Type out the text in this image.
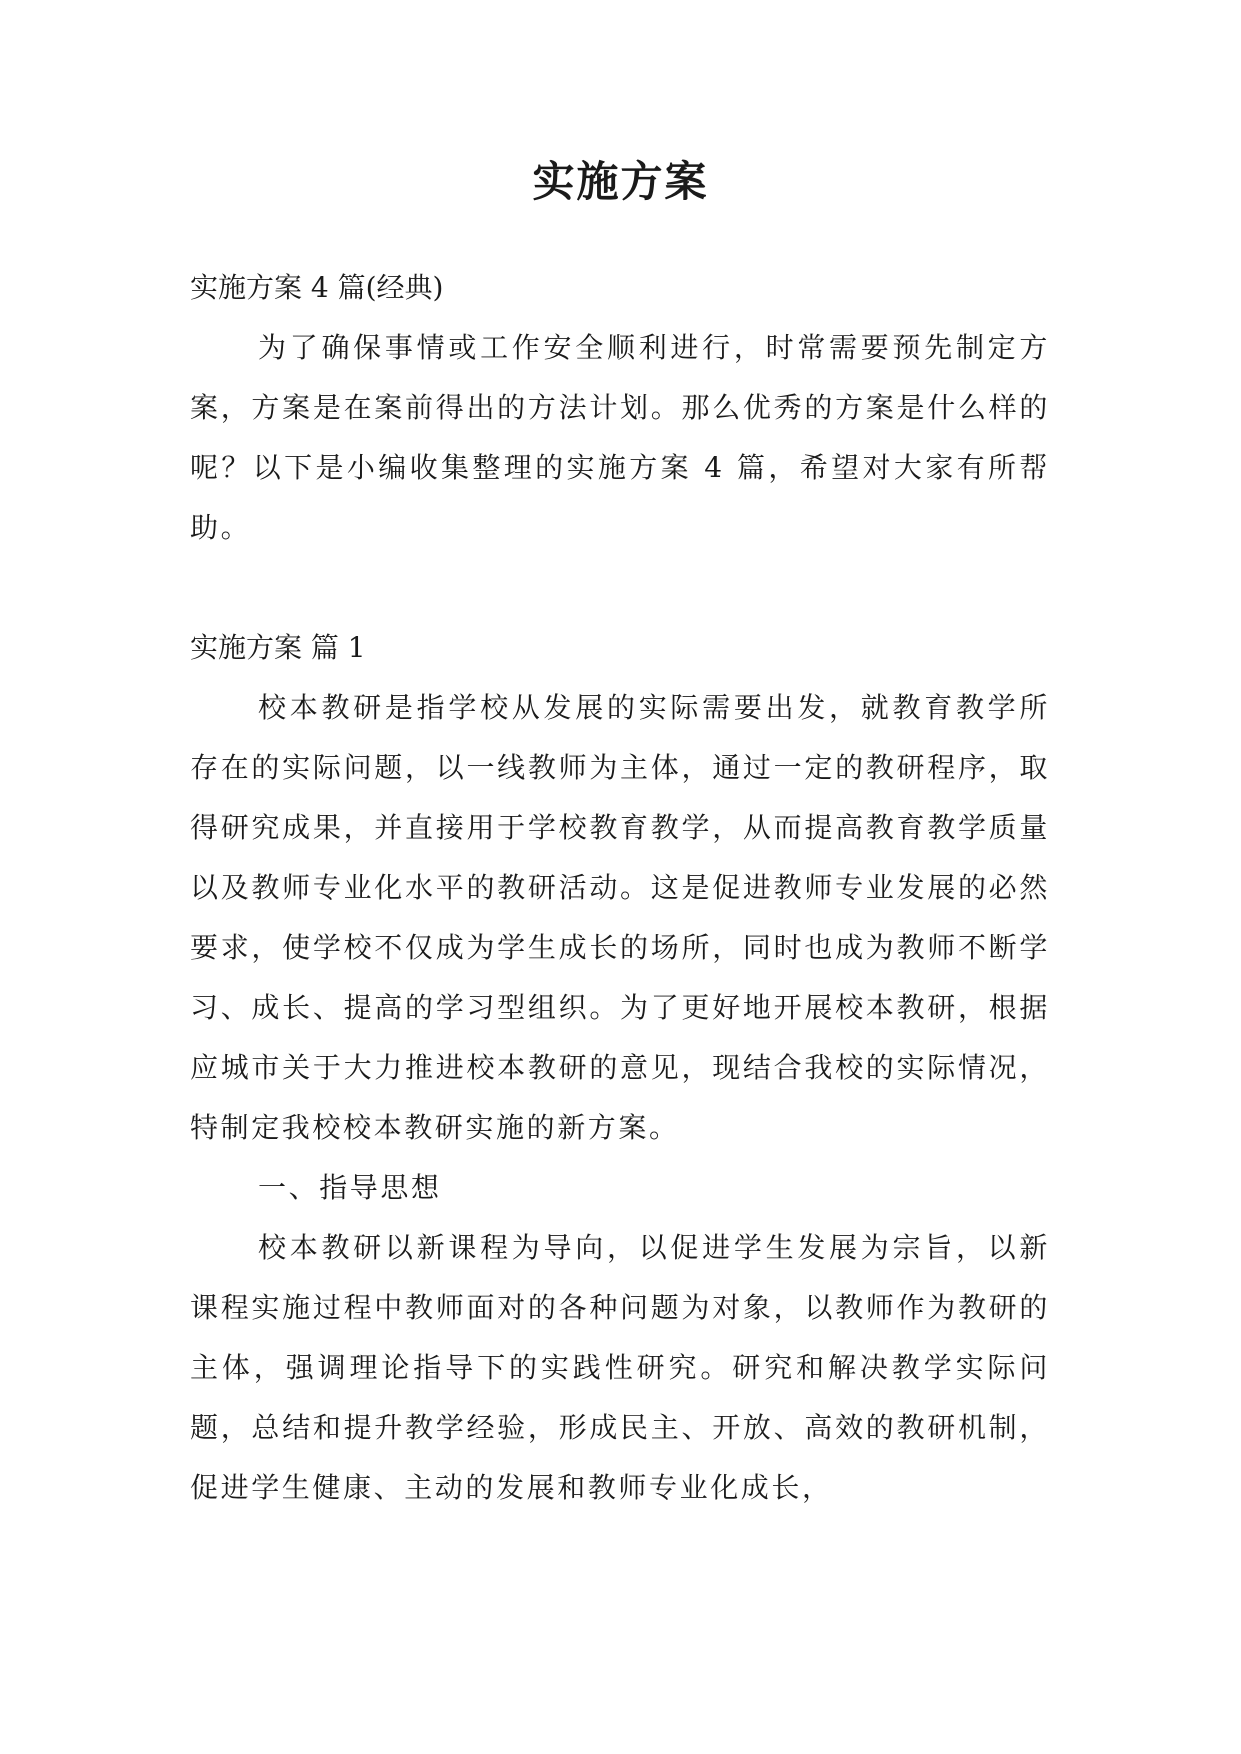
实施方案

实施方案 4 篇(经典)

为了确保事情或工作安全顺利进行，时常需要预先制定方案，方案是在案前得出的方法计划。那么优秀的方案是什么样的呢？以下是小编收集整理的实施方案 4 篇，希望对大家有所帮助。

实施方案 篇 1

校本教研是指学校从发展的实际需要出发，就教育教学所存在的实际问题，以一线教师为主体，通过一定的教研程序，取得研究成果，并直接用于学校教育教学，从而提高教育教学质量以及教师专业化水平的教研活动。这是促进教师专业发展的必然要求，使学校不仅成为学生成长的场所，同时也成为教师不断学习、成长、提高的学习型组织。为了更好地开展校本教研，根据应城市关于大力推进校本教研的意见，现结合我校的实际情况，特制定我校校本教研实施的新方案。

一、指导思想

校本教研以新课程为导向，以促进学生发展为宗旨，以新课程实施过程中教师面对的各种问题为对象，以教师作为教研的主体，强调理论指导下的实践性研究。研究和解决教学实际问题，总结和提升教学经验，形成民主、开放、高效的教研机制，促进学生健康、主动的发展和教师专业化成长，
